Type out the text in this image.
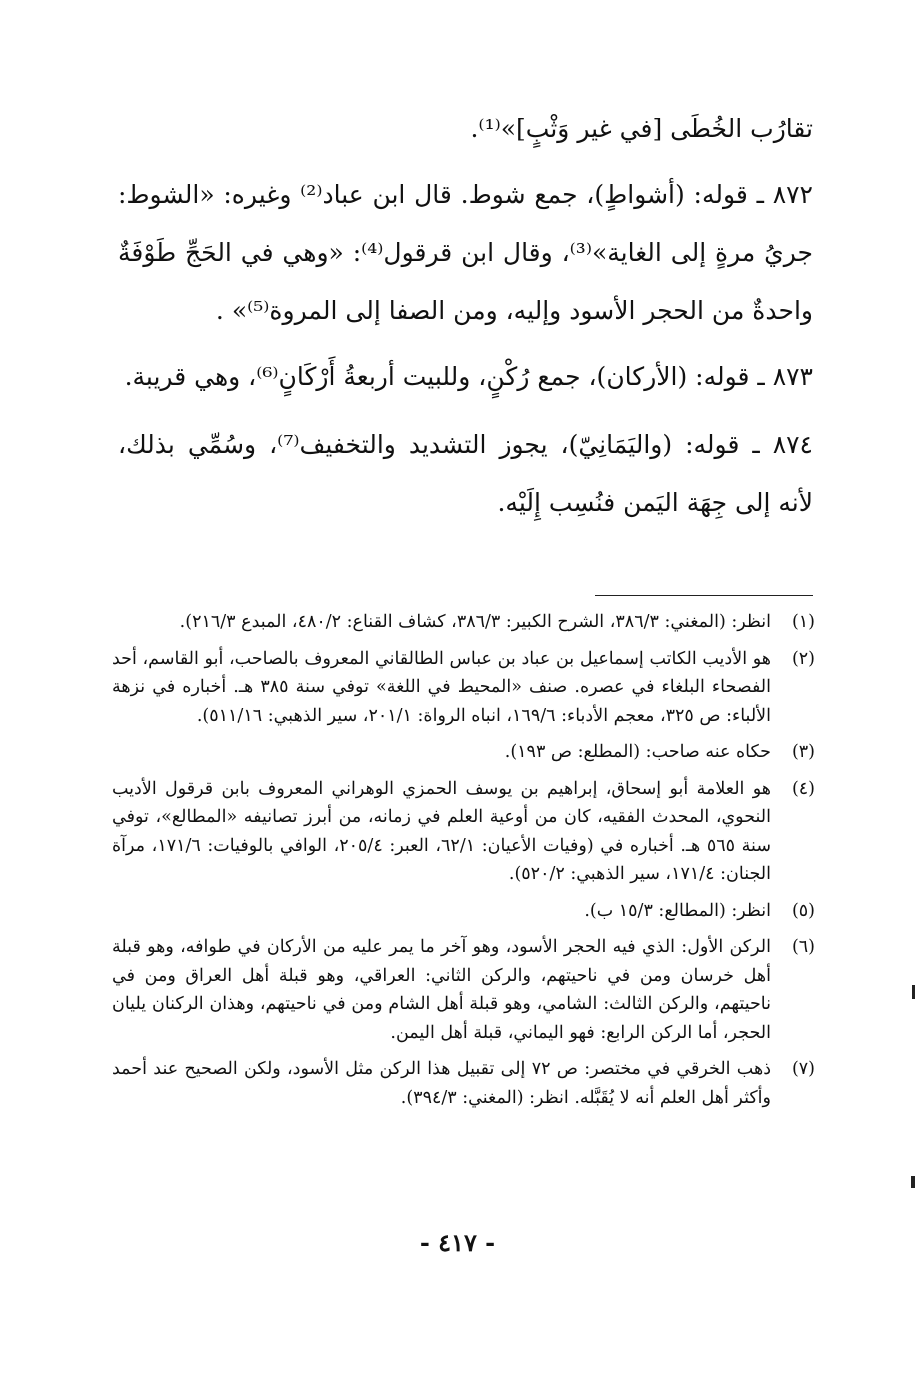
تقارُب الخُطَى [في غير وَثْبٍ]»⁽¹⁾.

٨٧٢ ـ قوله: (أشواطٍ)، جمع شوط. قال ابن عباد⁽²⁾ وغيره: «الشوط: جريُ مرةٍ إلى الغاية»⁽³⁾، وقال ابن قرقول⁽⁴⁾: «وهي في الحَجِّ طَوْفَةٌ واحدةٌ من الحجر الأسود وإليه، ومن الصفا إلى المروة⁽⁵⁾» .

٨٧٣ ـ قوله: (الأركان)، جمع رُكْنٍ، وللبيت أربعةُ أَرْكَانٍ⁽⁶⁾، وهي قريبة.

٨٧٤ ـ قوله: (واليَمَانِيّ)، يجوز التشديد والتخفيف⁽⁷⁾، وسُمِّي بذلك، لأنه إلى جِهَة اليَمن فنُسِب إِلَيْه.

(١)
انظر: (المغني: ٣٨٦/٣، الشرح الكبير: ٣٨٦/٣، كشاف القناع: ٤٨٠/٢، المبدع ٢١٦/٣).
(٢)
هو الأديب الكاتب إسماعيل بن عباد بن عباس الطالقاني المعروف بالصاحب، أبو القاسم، أحد الفصحاء البلغاء في عصره. صنف «المحيط في اللغة» توفي سنة ٣٨٥ هـ. أخباره في نزهة الألباء: ص ٣٢٥، معجم الأدباء: ١٦٩/٦، انباه الرواة: ٢٠١/١، سير الذهبي: ٥١١/١٦).
(٣)
حكاه عنه صاحب: (المطلع: ص ١٩٣).
(٤)
هو العلامة أبو إسحاق، إبراهيم بن يوسف الحمزي الوهراني المعروف بابن قرقول الأديب النحوي، المحدث الفقيه، كان من أوعية العلم في زمانه، من أبرز تصانيفه «المطالع»، توفي سنة ٥٦٥ هـ. أخباره في (وفيات الأعيان: ٦٢/١، العبر: ٢٠٥/٤، الوافي بالوفيات: ١٧١/٦، مرآة الجنان: ١٧١/٤، سير الذهبي: ٥٢٠/٢).
(٥)
انظر: (المطالع: ١٥/٣ ب).
(٦)
الركن الأول: الذي فيه الحجر الأسود، وهو آخر ما يمر عليه من الأركان في طوافه، وهو قبلة أهل خرسان ومن في ناحيتهم، والركن الثاني: العراقي، وهو قبلة أهل العراق ومن في ناحيتهم، والركن الثالث: الشامي، وهو قبلة أهل الشام ومن في ناحيتهم، وهذان الركنان يليان الحجر، أما الركن الرابع: فهو اليماني، قبلة أهل اليمن.
(٧)
ذهب الخرقي في مختصر: ص ٧٢ إلى تقبيل هذا الركن مثل الأسود، ولكن الصحيح عند أحمد وأكثر أهل العلم أنه لا يُقَبَّله. انظر: (المغني: ٣٩٤/٣).
- ٤١٧ -
